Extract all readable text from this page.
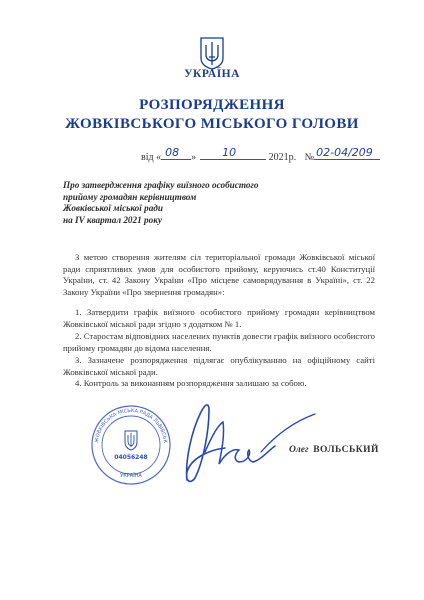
УКРАЇНА
РОЗПОРЯДЖЕННЯ
ЖОВКІВСЬКОГО МІСЬКОГО ГОЛОВИ
від « 08 » 10	2021р. № 02-04/209
Про затвердження графіку виїзного особистого
прийому громадян керівництвом
Жовківської міської ради
на IV квартал 2021 року
З метою створення жителям сіл територіальної громади Жовківської міської ради сприятливих умов для особистого прийому, керуючись ст.40 Конституції України, ст. 42 Закону України «Про місцеве самоврядування в Україні», ст. 22 Закону України «Про звернення громадян»:
1. Затвердити графік виїзного особистого прийому громадян керівництвом Жовківської міської ради згідно з додатком № 1.
2. Старостам відповідних населених пунктів довести графік виїзного особистого прийому громадян до відома населення.
3. Зазначене розпорядження підлягає опублікуванню на офіційному сайті Жовківської міської ради.
4. Контроль за виконанням розпорядження залишаю за собою.
ЖОВКІВСЬКА МІСЬКА РАДА ЛЬВІВСЬК
04056248
УКРАЇНА
Олег ВОЛЬСЬКИЙ
